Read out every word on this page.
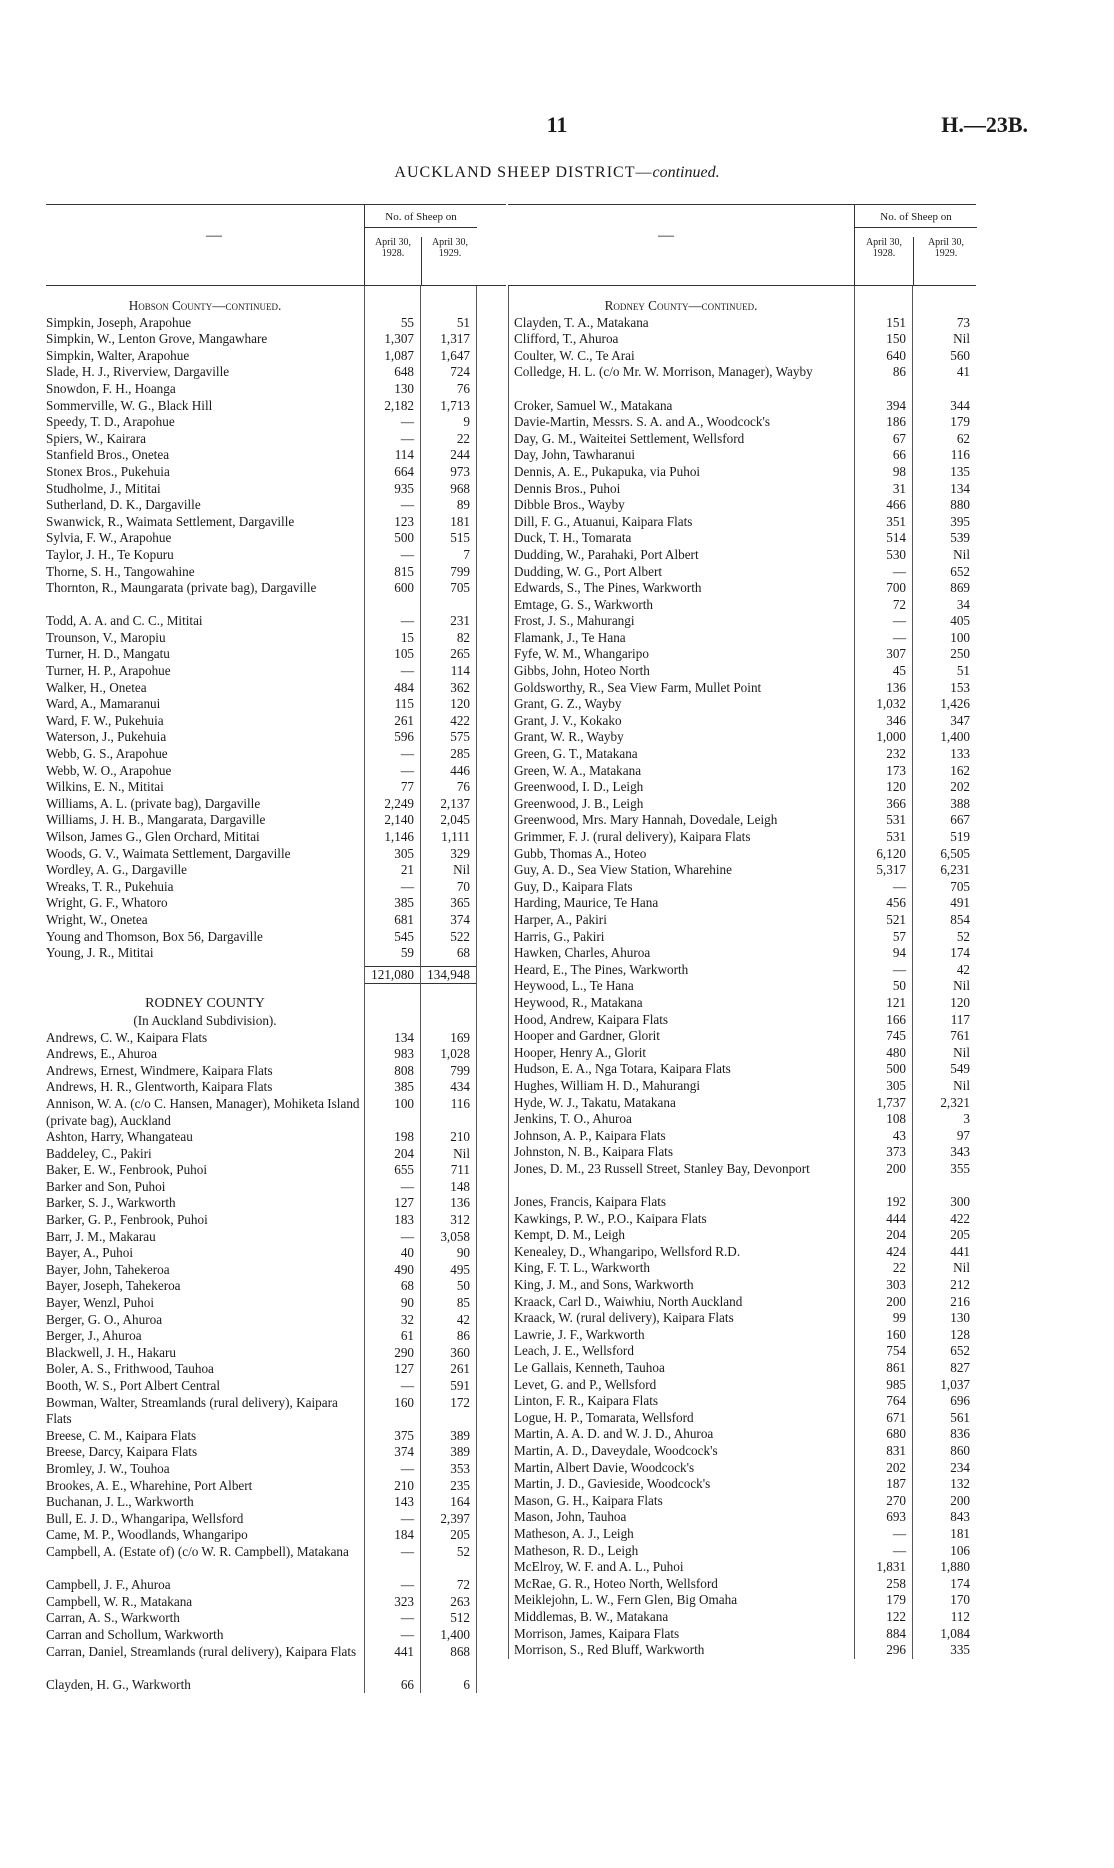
11	H.—23B.
AUCKLAND SHEEP DISTRICT—continued.
—
No. of Sheep on
April 30,
1928.
April 30,
1929.
Hobson County—continued.
Simpkin, Joseph, Arapohue	55	51
Simpkin, W., Lenton Grove, Mangawhare	1,307	1,317
Simpkin, Walter, Arapohue	1,087	1,647
Slade, H. J., Riverview, Dargaville	648	724
Snowdon, F. H., Hoanga	130	76
Sommerville, W. G., Black Hill	2,182	1,713
Speedy, T. D., Arapohue	—	9
Spiers, W., Kairara	—	22
Stanfield Bros., Onetea	114	244
Stonex Bros., Pukehuia	664	973
Studholme, J., Mititai	935	968
Sutherland, D. K., Dargaville	—	89
Swanwick, R., Waimata Settlement, Dargaville	123	181
Sylvia, F. W., Arapohue	500	515
Taylor, J. H., Te Kopuru	—	7
Thorne, S. H., Tangowahine	815	799
Thornton, R., Maungarata (private bag), Dargaville	600	705
Todd, A. A. and C. C., Mititai	—	231
Trounson, V., Maropiu	15	82
Turner, H. D., Mangatu	105	265
Turner, H. P., Arapohue	—	114
Walker, H., Onetea	484	362
Ward, A., Mamaranui	115	120
Ward, F. W., Pukehuia	261	422
Waterson, J., Pukehuia	596	575
Webb, G. S., Arapohue	—	285
Webb, W. O., Arapohue	—	446
Wilkins, E. N., Mititai	77	76
Williams, A. L. (private bag), Dargaville	2,249	2,137
Williams, J. H. B., Mangarata, Dargaville	2,140	2,045
Wilson, James G., Glen Orchard, Mititai	1,146	1,111
Woods, G. V., Waimata Settlement, Dargaville	305	329
Wordley, A. G., Dargaville	21	Nil
Wreaks, T. R., Pukehuia	—	70
Wright, G. F., Whatoro	385	365
Wright, W., Onetea	681	374
Young and Thomson, Box 56, Dargaville	545	522
Young, J. R., Mititai	59	68
121,080 134,948
RODNEY COUNTY
(In Auckland Subdivision).
Andrews, C. W., Kaipara Flats	134	169
Andrews, E., Ahuroa	983	1,028
Andrews, Ernest, Windmere, Kaipara Flats	808	799
Andrews, H. R., Glentworth, Kaipara Flats	385	434
Annison, W. A. (c/o C. Hansen, Manager), Mohiketa Island (private bag), Auckland
100	116
Ashton, Harry, Whangateau	198	210
Baddeley, C., Pakiri	204	Nil
Baker, E. W., Fenbrook, Puhoi	655	711
Barker and Son, Puhoi	—	148
Barker, S. J., Warkworth	127	136
Barker, G. P., Fenbrook, Puhoi	183	312
Barr, J. M., Makarau	—	3,058
Bayer, A., Puhoi	40	90
Bayer, John, Tahekeroa	490	495
Bayer, Joseph, Tahekeroa	68	50
Bayer, Wenzl, Puhoi	90	85
Berger, G. O., Ahuroa	32	42
Berger, J., Ahuroa	61	86
Blackwell, J. H., Hakaru	290	360
Boler, A. S., Frithwood, Tauhoa	127	261
Booth, W. S., Port Albert Central	—	591
Bowman, Walter, Streamlands (rural delivery), Kaipara Flats
160	172
Breese, C. M., Kaipara Flats	375	389
Breese, Darcy, Kaipara Flats	374	389
Bromley, J. W., Touhoa	—	353
Brookes, A. E., Wharehine, Port Albert	210	235
Buchanan, J. L., Warkworth	143	164
Bull, E. J. D., Whangaripa, Wellsford	—	2,397
Came, M. P., Woodlands, Whangaripo	184	205
Campbell, A. (Estate of) (c/o W. R. Campbell), Matakana	—	52
Campbell, J. F., Ahuroa	—	72
Campbell, W. R., Matakana	323	263
Carran, A. S., Warkworth	—	512
Carran and Schollum, Warkworth	—	1,400
Carran, Daniel, Streamlands (rural delivery), Kaipara Flats	441	868
Clayden, H. G., Warkworth	66	6
—
No. of Sheep on
April 30,
1928.
April 30,
1929.
Rodney County—continued.
Clayden, T. A., Matakana	151	73
Clifford, T., Ahuroa	150	Nil
Coulter, W. C., Te Arai	640	560
Colledge, H. L. (c/o Mr. W. Morrison, Manager), Wayby	86	41
Croker, Samuel W., Matakana	394	344
Davie-Martin, Messrs. S. A. and A., Woodcock's	186	179
Day, G. M., Waiteitei Settlement, Wellsford	67	62
Day, John, Tawharanui	66	116
Dennis, A. E., Pukapuka, via Puhoi	98	135
Dennis Bros., Puhoi	31	134
Dibble Bros., Wayby	466	880
Dill, F. G., Atuanui, Kaipara Flats	351	395
Duck, T. H., Tomarata	514	539
Dudding, W., Parahaki, Port Albert	530	Nil
Dudding, W. G., Port Albert	—	652
Edwards, S., The Pines, Warkworth	700	869
Emtage, G. S., Warkworth	72	34
Frost, J. S., Mahurangi	—	405
Flamank, J., Te Hana	—	100
Fyfe, W. M., Whangaripo	307	250
Gibbs, John, Hoteo North	45	51
Goldsworthy, R., Sea View Farm, Mullet Point	136	153
Grant, G. Z., Wayby	1,032	1,426
Grant, J. V., Kokako	346	347
Grant, W. R., Wayby	1,000	1,400
Green, G. T., Matakana	232	133
Green, W. A., Matakana	173	162
Greenwood, I. D., Leigh	120	202
Greenwood, J. B., Leigh	366	388
Greenwood, Mrs. Mary Hannah, Dovedale, Leigh	531	667
Grimmer, F. J. (rural delivery), Kaipara Flats	531	519
Gubb, Thomas A., Hoteo	6,120	6,505
Guy, A. D., Sea View Station, Wharehine	5,317	6,231
Guy, D., Kaipara Flats	—	705
Harding, Maurice, Te Hana	456	491
Harper, A., Pakiri	521	854
Harris, G., Pakiri	57	52
Hawken, Charles, Ahuroa	94	174
Heard, E., The Pines, Warkworth	—	42
Heywood, L., Te Hana	50	Nil
Heywood, R., Matakana	121	120
Hood, Andrew, Kaipara Flats	166	117
Hooper and Gardner, Glorit	745	761
Hooper, Henry A., Glorit	480	Nil
Hudson, E. A., Nga Totara, Kaipara Flats	500	549
Hughes, William H. D., Mahurangi	305	Nil
Hyde, W. J., Takatu, Matakana	1,737	2,321
Jenkins, T. O., Ahuroa	108	3
Johnson, A. P., Kaipara Flats	43	97
Johnston, N. B., Kaipara Flats	373	343
Jones, D. M., 23 Russell Street, Stanley Bay, Devonport	200	355
Jones, Francis, Kaipara Flats	192	300
Kawkings, P. W., P.O., Kaipara Flats	444	422
Kempt, D. M., Leigh	204	205
Kenealey, D., Whangaripo, Wellsford R.D.	424	441
King, F. T. L., Warkworth	22	Nil
King, J. M., and Sons, Warkworth	303	212
Kraack, Carl D., Waiwhiu, North Auckland	200	216
Kraack, W. (rural delivery), Kaipara Flats	99	130
Lawrie, J. F., Warkworth	160	128
Leach, J. E., Wellsford	754	652
Le Gallais, Kenneth, Tauhoa	861	827
Levet, G. and P., Wellsford	985	1,037
Linton, F. R., Kaipara Flats	764	696
Logue, H. P., Tomarata, Wellsford	671	561
Martin, A. A. D. and W. J. D., Ahuroa	680	836
Martin, A. D., Daveydale, Woodcock's	831	860
Martin, Albert Davie, Woodcock's	202	234
Martin, J. D., Gavieside, Woodcock's	187	132
Mason, G. H., Kaipara Flats	270	200
Mason, John, Tauhoa	693	843
Matheson, A. J., Leigh	—	181
Matheson, R. D., Leigh	—	106
McElroy, W. F. and A. L., Puhoi	1,831	1,880
McRae, G. R., Hoteo North, Wellsford	258	174
Meiklejohn, L. W., Fern Glen, Big Omaha	179	170
Middlemas, B. W., Matakana	122	112
Morrison, James, Kaipara Flats	884	1,084
Morrison, S., Red Bluff, Warkworth	296	335
